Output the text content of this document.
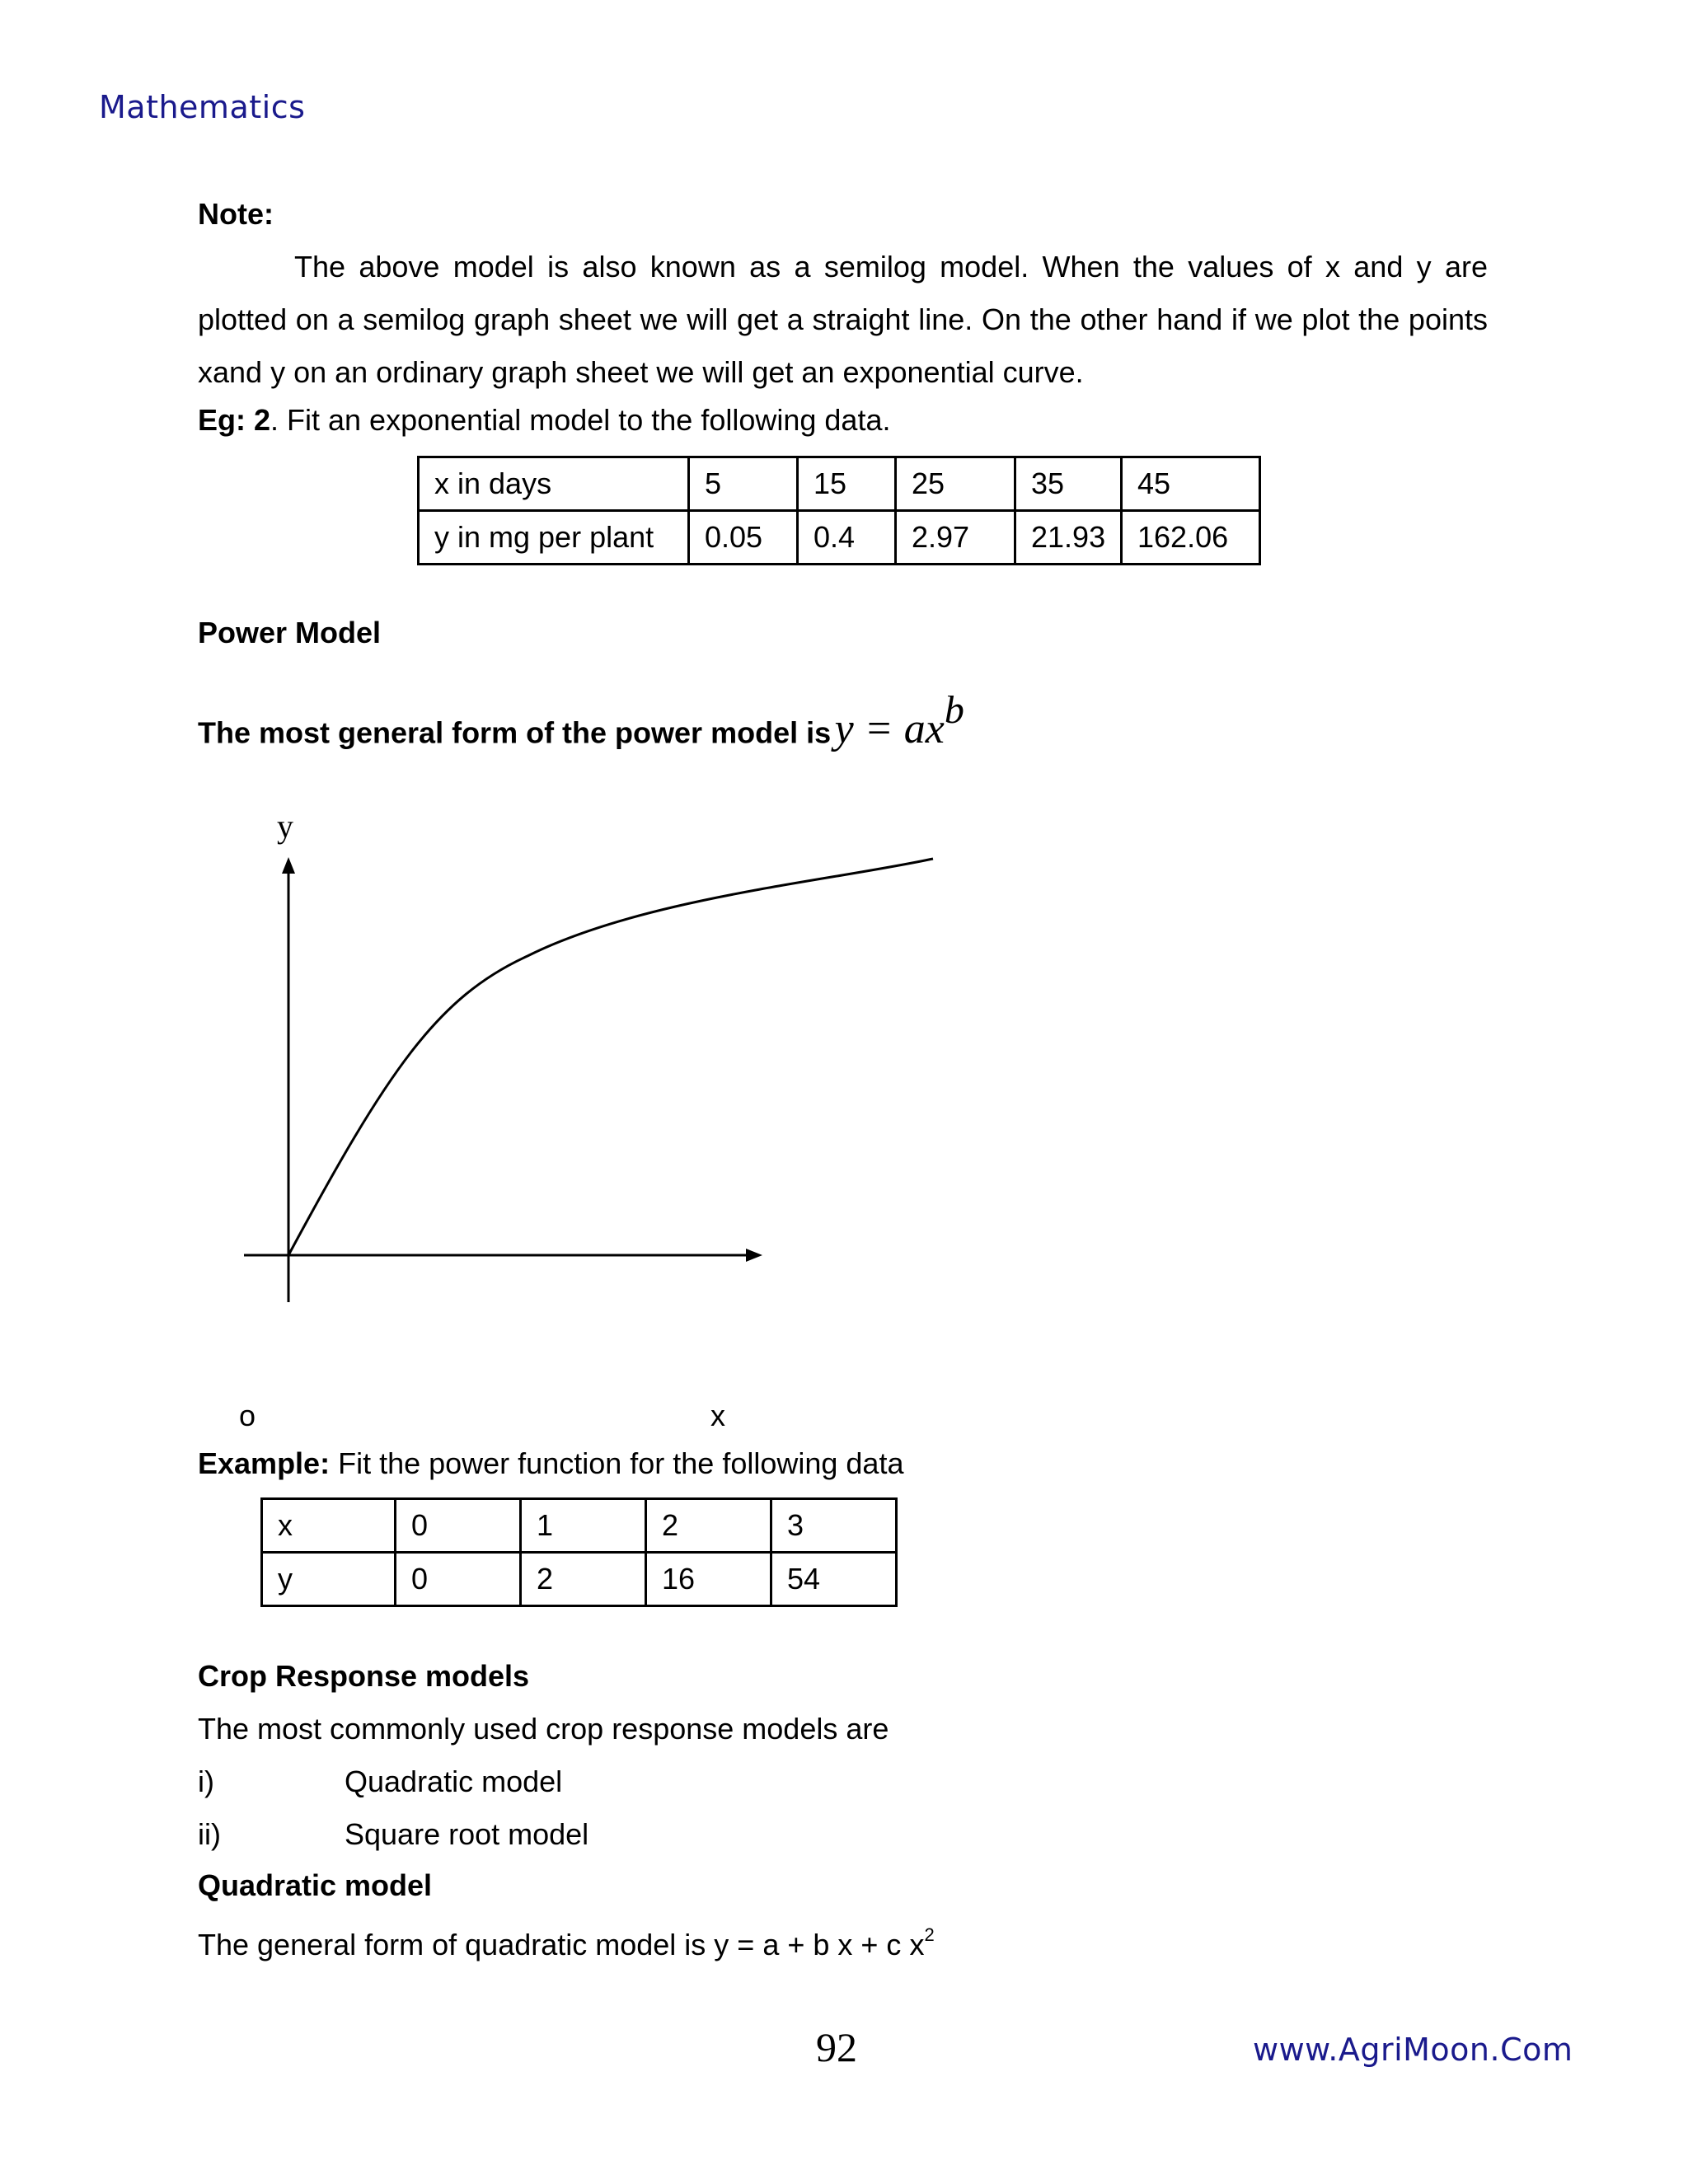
Mathematics
Note:

The above model is also known as a semilog model. When the values of x and y are plotted on a semilog graph sheet we will get a straight line. On the other hand if we plot the points xand y on an ordinary graph sheet we will get an exponential curve.

Eg: 2. Fit an exponential model to the following data.
x in days	5	15	25	35	45
y in mg per plant	0.05	0.4	2.97	21.93	162.06
Power Model
The most general form of the power model is $y = ax^b$
y
o	x
Example: Fit the power function for the following data
x	0	1	2	3
y	0	2	16	54
Crop Response models
The most commonly used crop response models are
i)	Quadratic model
ii)	Square root model
Quadratic model
The general form of quadratic model is y = a + b x + c $x^2$
92	www.AgriMoon.Com
